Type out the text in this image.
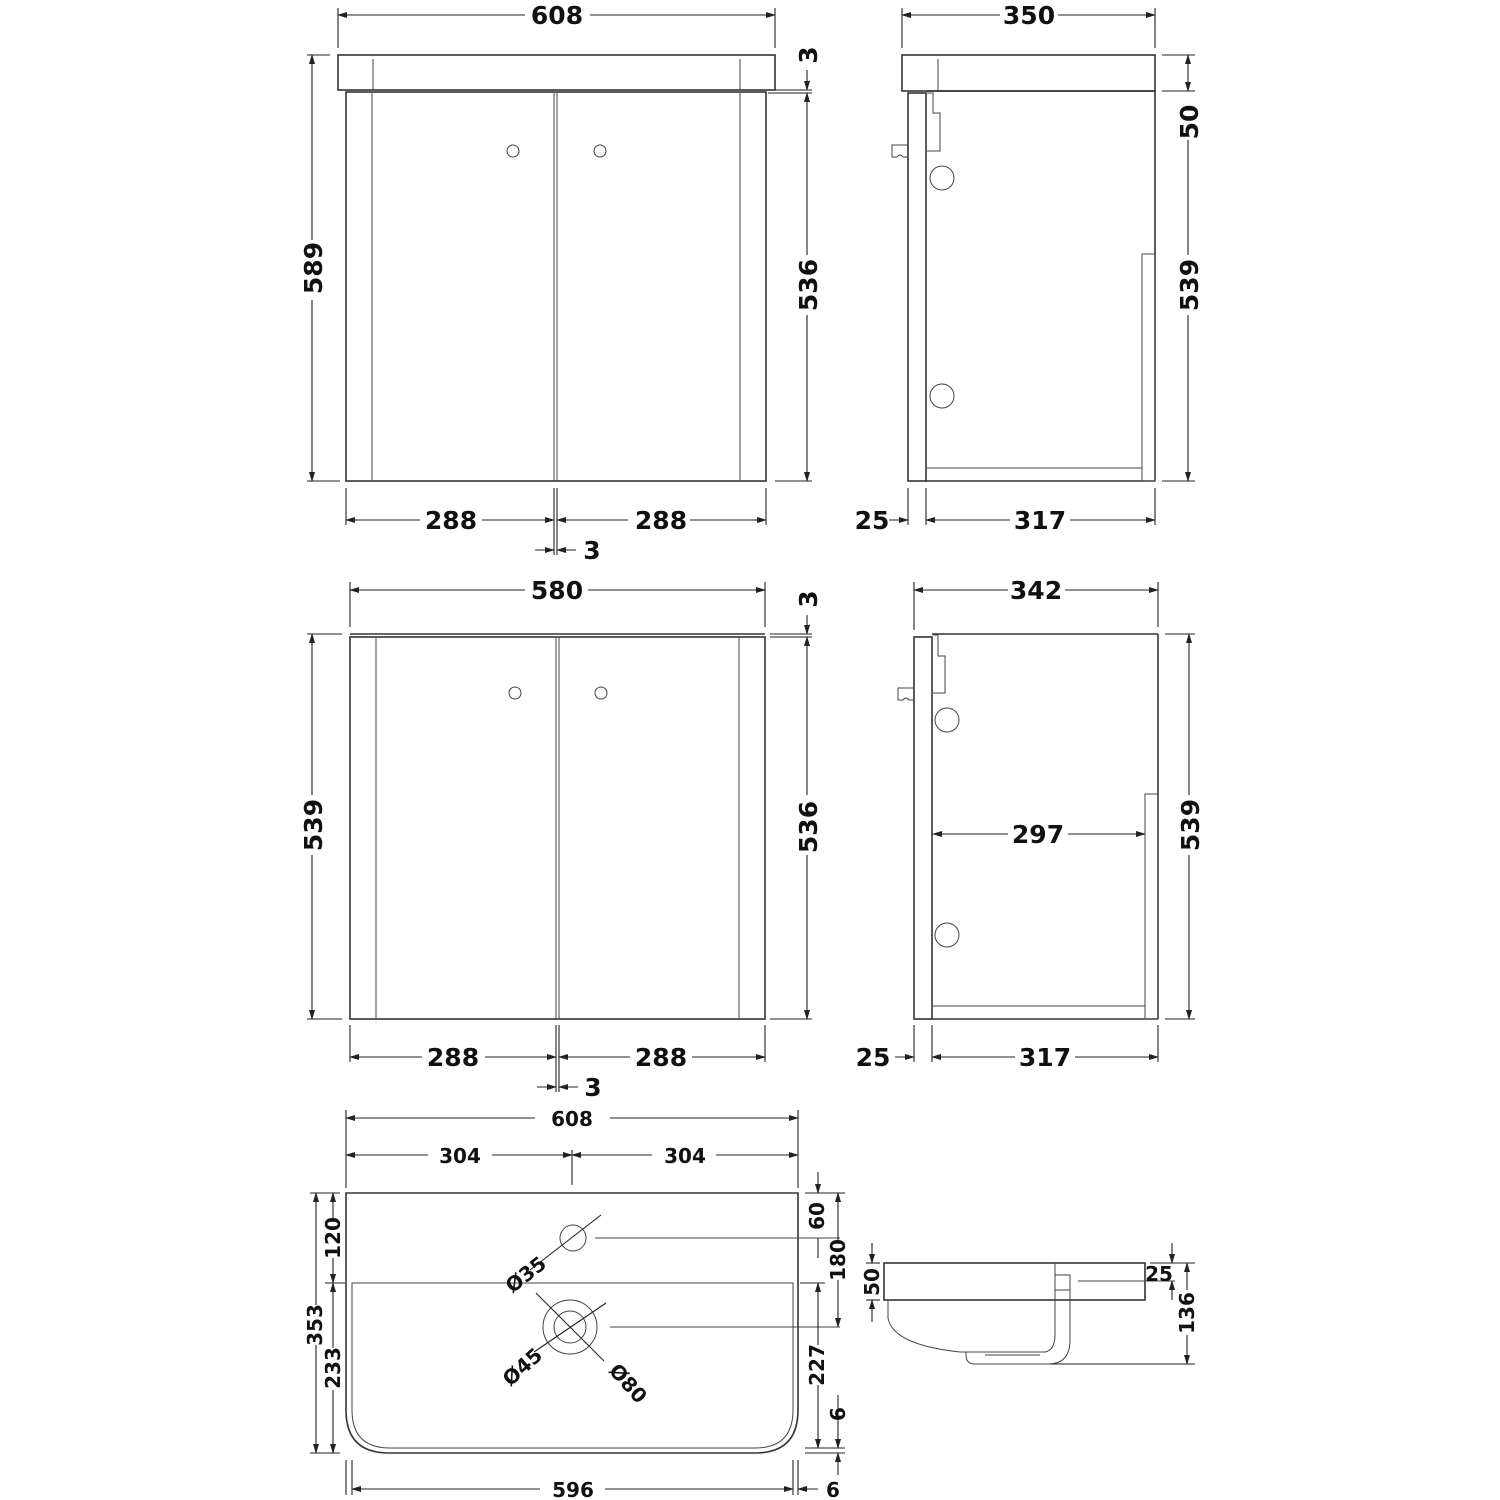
608
589
3
536
288	288
3
350
50
539
25	317
580
539
3
536
288	288
3
342
297	539
25	317
Ø35
Ø45	Ø80
608
304	304
353
120
233
60
180
227
6
596	6
50	25
136
